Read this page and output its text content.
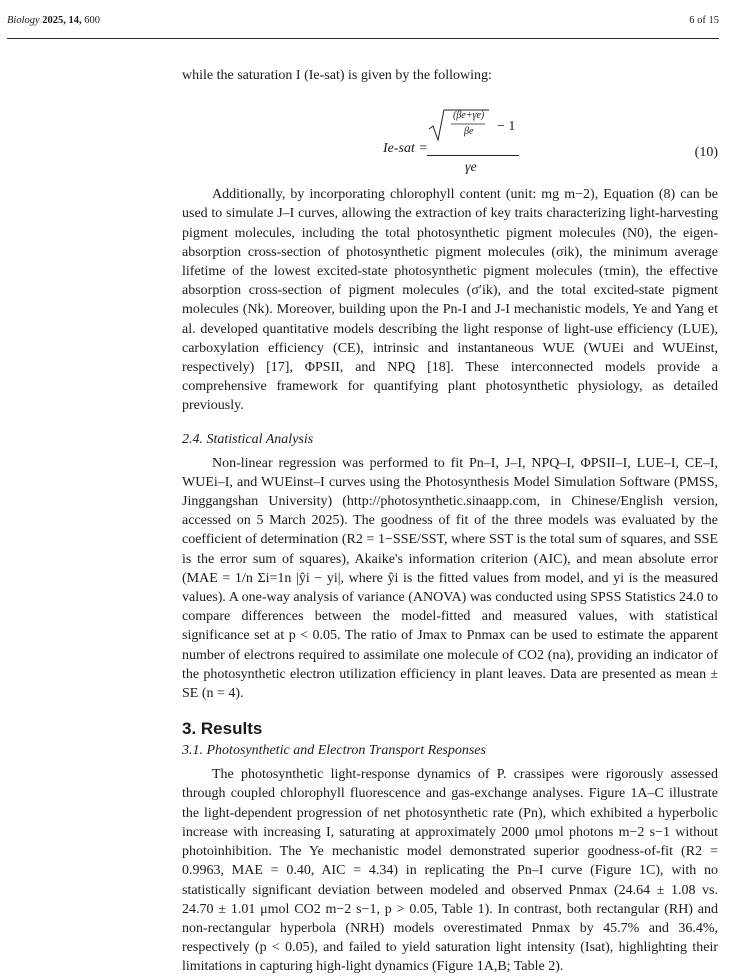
Biology 2025, 14, 600	6 of 15

while the saturation I (Ie-sat) is given by the following:

Ie-sat =
(βe+γe)
βe − 1
γe
(10)

Additionally, by incorporating chlorophyll content (unit: mg m−2), Equation (8) can be used to simulate J–I curves, allowing the extraction of key traits characterizing light-harvesting pigment molecules, including the total photosynthetic pigment molecules (N0), the eigen-absorption cross-section of photosynthetic pigment molecules (σik), the minimum average lifetime of the lowest excited-state photosynthetic pigment molecules (τmin), the effective absorption cross-section of pigment molecules (σ′ik), and the total excited-state pigment molecules (Nk). Moreover, building upon the Pn-I and J-I mechanistic models, Ye and Yang et al. developed quantitative models describing the light response of light-use efficiency (LUE), carboxylation efficiency (CE), intrinsic and instantaneous WUE (WUEi and WUEinst, respectively) [17], ΦPSII, and NPQ [18]. These interconnected models provide a comprehensive framework for quantifying plant photosynthetic physiology, as detailed previously.

2.4. Statistical Analysis

Non-linear regression was performed to fit Pn–I, J–I, NPQ–I, ΦPSII–I, LUE–I, CE–I, WUEi–I, and WUEinst–I curves using the Photosynthesis Model Simulation Software (PMSS, Jinggangshan University) (http://photosynthetic.sinaapp.com, in Chinese/English version, accessed on 5 March 2025). The goodness of fit of the three models was evaluated by the coefficient of determination (R2 = 1−SSE/SST, where SST is the total sum of squares, and SSE is the error sum of squares), Akaike's information criterion (AIC), and mean absolute error (MAE = 1/n Σi=1n |ŷi − yi|, where ŷi is the fitted values from model, and yi is the measured values). A one-way analysis of variance (ANOVA) was conducted using SPSS Statistics 24.0 to compare differences between the model-fitted and measured values, with statistical significance set at p < 0.05. The ratio of Jmax to Pnmax can be used to estimate the apparent number of electrons required to assimilate one molecule of CO2 (na), providing an indicator of the photosynthetic electron utilization efficiency in plant leaves. Data are presented as mean ± SE (n = 4).

3. Results
3.1. Photosynthetic and Electron Transport Responses

The photosynthetic light-response dynamics of P. crassipes were rigorously assessed through coupled chlorophyll fluorescence and gas-exchange analyses. Figure 1A–C illustrate the light-dependent progression of net photosynthetic rate (Pn), which exhibited a hyperbolic increase with increasing I, saturating at approximately 2000 μmol photons m−2 s−1 without photoinhibition. The Ye mechanistic model demonstrated superior goodness-of-fit (R2 = 0.9963, MAE = 0.40, AIC = 4.34) in replicating the Pn–I curve (Figure 1C), with no statistically significant deviation between modeled and observed Pnmax (24.64 ± 1.08 vs. 24.70 ± 1.01 μmol CO2 m−2 s−1, p > 0.05, Table 1). In contrast, both rectangular (RH) and non-rectangular hyperbola (NRH) models overestimated Pnmax by 45.7% and 36.4%, respectively (p < 0.05), and failed to yield saturation light intensity (Isat), highlighting their limitations in capturing high-light dynamics (Figure 1A,B; Table 2).
